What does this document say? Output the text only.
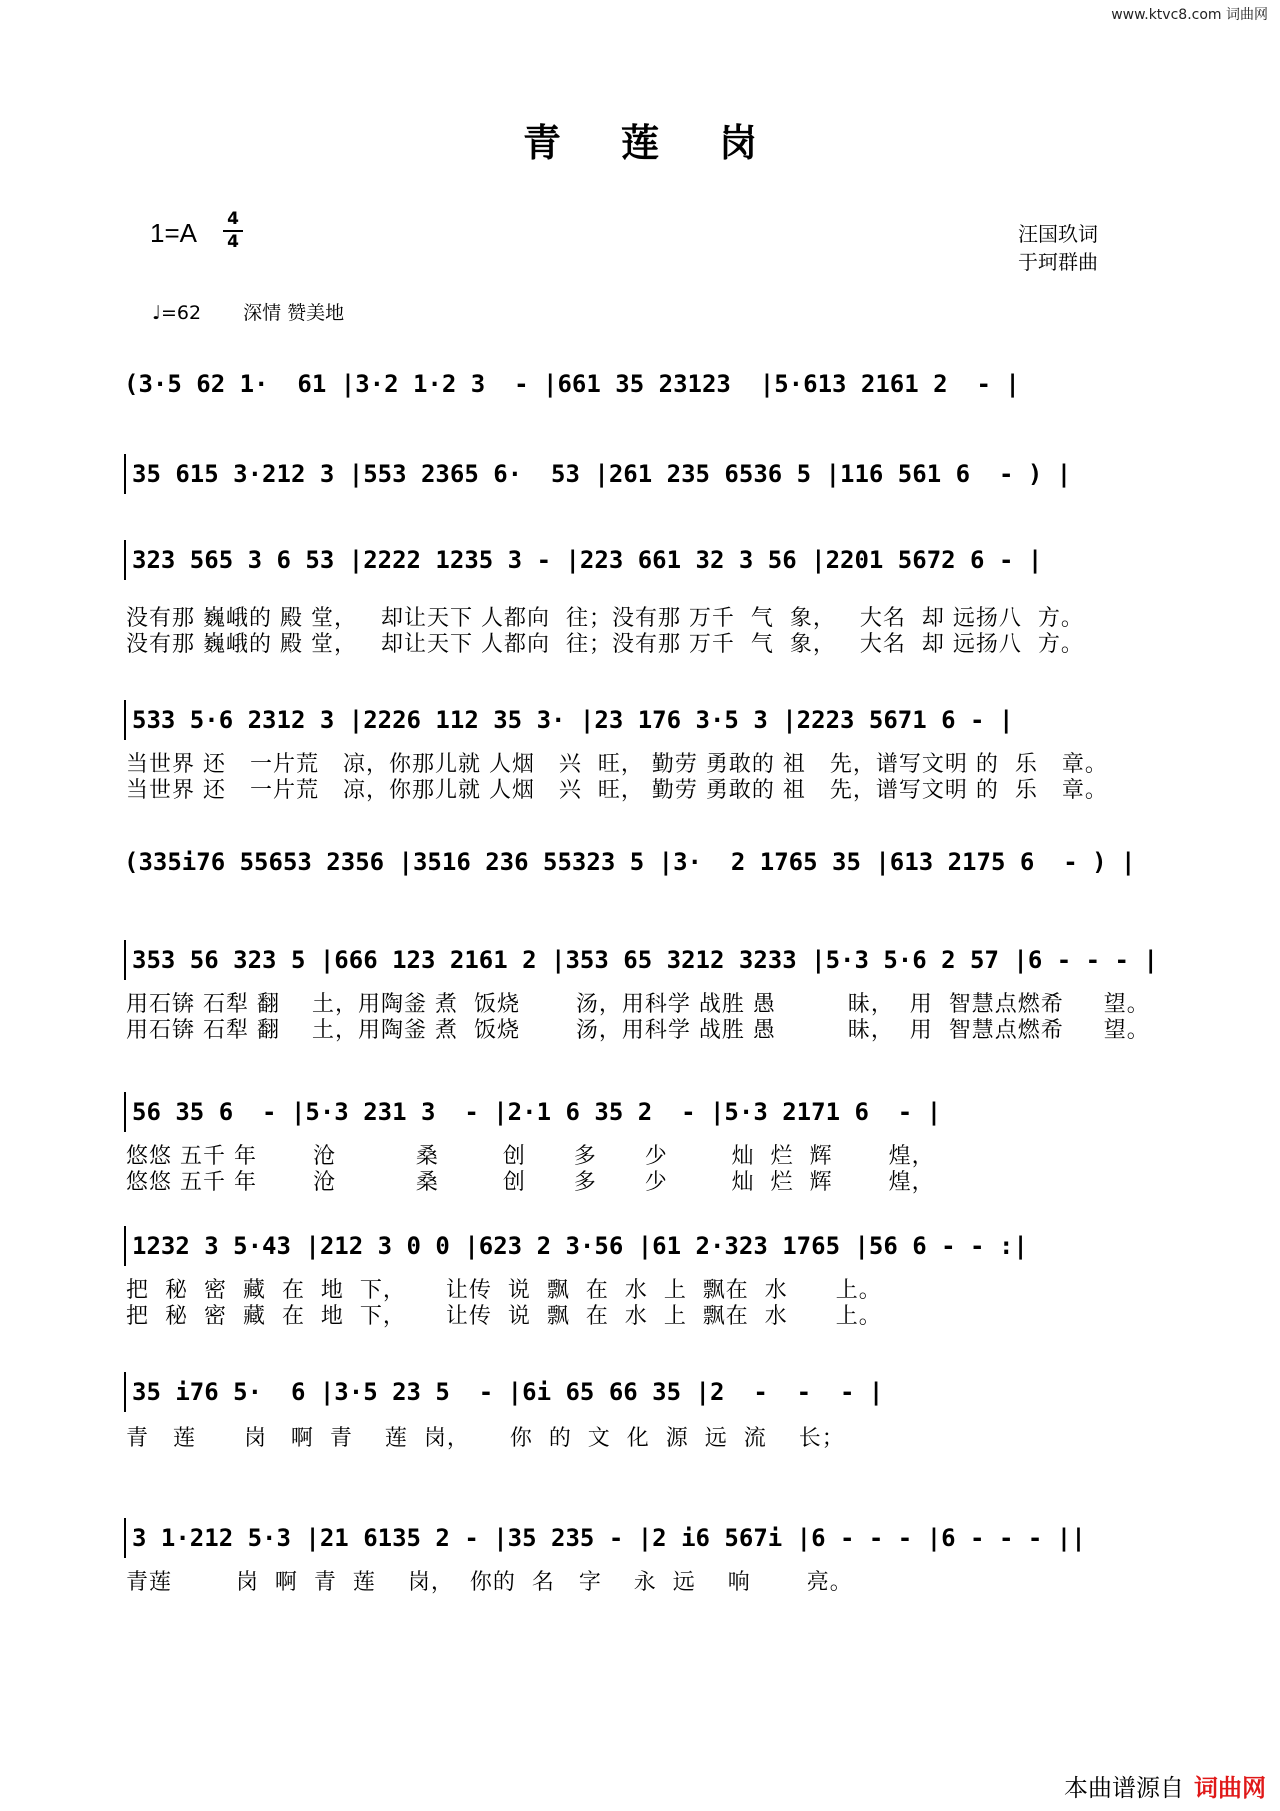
www.ktvc8.com 词曲网
青莲岗
1=A 4
4	汪国玖词
于珂群曲
♩=62 深情 赞美地
(3·5 62 1·  61 |3·2 1·2 3  - |661 35 23123  |5·613 2161 2  - |
35 615 3·212 3 |553 2365 6·  53 |261 235 6536 5 |116 561 6  - ) |
323 565 3 6 53 |2222 1235 3 - |223 661 32 3 56 |2201 5672 6 - |
没有那 巍峨的 殿 堂，   却让天下 人都向  往；没有那 万千  气  象，   大名  却 远扬八  方。
没有那 巍峨的 殿 堂，   却让天下 人都向  往；没有那 万千  气  象，   大名  却 远扬八  方。
533 5·6 2312 3 |2226 112 35 3· |23 176 3·5 3 |2223 5671 6 - |
当世界 还   一片荒   凉，你那儿就 人烟   兴  旺， 勤劳 勇敢的 祖   先，谱写文明 的  乐   章。
当世界 还   一片荒   凉，你那儿就 人烟   兴  旺， 勤劳 勇敢的 祖   先，谱写文明 的  乐   章。
(335i76 55653 2356 |3516 236 55323 5 |3·  2 1765 35 |613 2175 6  - ) |
353 56 323 5 |666 123 2161 2 |353 65 3212 3233 |5·3 5·6 2 57 |6 - - - |
用石锛 石犁 翻    土，用陶釜 煮  饭烧       汤，用科学 战胜 愚         昧，  用  智慧点燃希     望。
用石锛 石犁 翻    土，用陶釜 煮  饭烧       汤，用科学 战胜 愚         昧，  用  智慧点燃希     望。
56 35 6  - |5·3 231 3  - |2·1 6 35 2  - |5·3 2171 6  - |
悠悠 五千 年       沧          桑        创      多      少        灿  烂  辉       煌，
悠悠 五千 年       沧          桑        创      多      少        灿  烂  辉       煌，
1232 3 5·43 |212 3 0 0 |623 2 3·56 |61 2·323 1765 |56 6 - - :|
把  秘  密  藏  在  地  下，     让传  说  飘  在  水  上  飘在  水      上。
把  秘  密  藏  在  地  下，     让传  说  飘  在  水  上  飘在  水      上。
35 i76 5·  6 |3·5 23 5  - |6i 65 66 35 |2  -  -  - |
青   莲      岗   啊  青    莲  岗，     你  的  文  化  源  远  流    长；
3 1·212 5·3 |21 6135 2 - |35 235 - |2 i6 567i |6 - - - |6 - - - ||
青莲        岗  啊  青  莲    岗，  你的  名   字    永  远    响       亮。
本曲谱源自 词曲网
